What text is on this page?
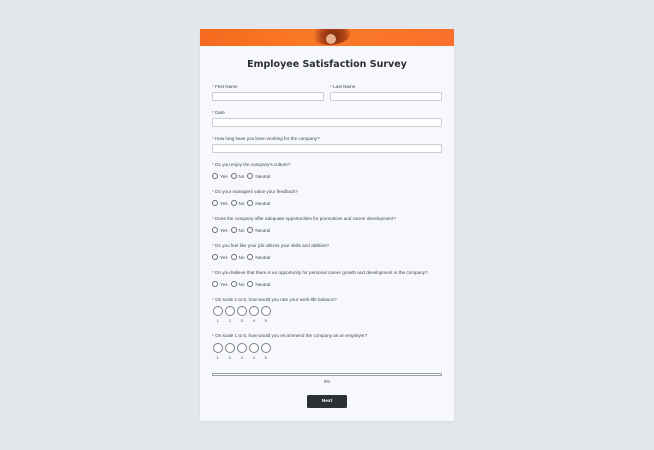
Employee Satisfaction Survey
* First Name	* Last Name
* Date
* How long have you been working for the company?
* Do you enjoy the company's culture?
Yes No Neutral
* Do your managers value your feedback?
Yes No Neutral
* Does the company offer adequate opportunities for promotions and career development?
Yes No Neutral
* Do you feel like your job utilizes your skills and abilities?
Yes No Neutral
* Do you believe that there is an opportunity for personal career growth and development in the company?
Yes No Neutral
* On scale 1 to 5, how would you rate your work-life balance?
1 2 3 4 5
* On scale 1 to 5, how would you recommend the company as an employer?
1 2 3 4 5
0%
Next
